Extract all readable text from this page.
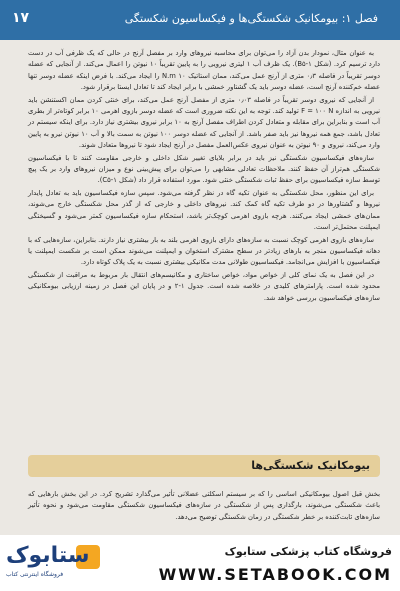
فصل ۱: بیومکانیک شکستگی‌ها و فیکساسیون شکستگی
۱۷

به عنوان مثال، نمودار بدن آزاد را می‌توان برای محاسبه نیروهای وارد بر مفصل آرنج در حالی که یک ظرفی آب در دست دارد ترسیم کرد. (شکل ۱-B۵). یک ظرف آب ۱ لیتری نیرویی را به پایین تقریباً ۱۰ نیوتن را اعمال می‌کند. از آنجایی که عضله دوسر تقریباً در فاصله ۰٫۳ متری از آرنج عمل می‌کند، ممان استاتیک N.m ۱۰ را ایجاد می‌کند. با فرض اینکه عضله دوسر تنها عضله خم‌کننده آرنج است، عضله دوسر باید یک گشتاور خمشی با برابر ایجاد کند تا تعادل ایستا برقرار شود.

از آنجایی که نیروی دوسر تقریباً در فاصله ۰٫۰۳ متری از مفصل آرنج عمل می‌کند، برای خنثی کردن ممان اکستنشن باید نیرویی به اندازه F = ۱۰۰ N تولید کند. توجه به این نکته ضروری است که عضله دوسر بازوی اهرمی ۱۰ برابر کوتاه‌تر از بطری آب است و بنابراین برای مقابله و متعادل کردن اطراف مفصل آرنج به ۱۰ برابر نیروی بیشتری نیاز دارد. برای اینکه سیستم در تعادل باشد، جمع همه نیروها نیز باید صفر باشد. از آنجایی که عضله دوسر ۱۰۰ نیوتن به سمت بالا و آب ۱۰ نیوتن نیرو به پایین وارد می‌کند، نیروی و ۹۰ نیوتن به عنوان نیروی عکس‌العمل مفصل در آرنج ایجاد شود تا نیروها متعادل شوند.

سازه‌های فیکساسیون شکستگی نیز باید در برابر بلایای تغییر شکل داخلی و خارجی مقاومت کنند تا با فیکساسیون شکستگی هم‌تراز آن حفظ کنند. ملاحظات تعادلی مشابهی را می‌توان برای پیش‌بینی نوع و میزان نیروهای وارد بر یک پیچ توسط سازه فیکساسیون برای حفظ ثبات شکستگی خنثی شود. مورد استفاده قرار داد (شکل ۱-C۵).

برای این منظور، محل شکستگی به عنوان تکیه گاه در نظر گرفته می‌شود. سپس سازه فیکساسیون باید به تعادل پایدار نیروها و گشتاورها در دو طرف تکیه گاه کمک کند. نیروهای داخلی و خارجی که از گذر محل شکستگی خارج می‌شوند، ممان‌های خمشی ایجاد می‌کنند. هرچه بازوی اهرمی کوچک‌تر باشد، استحکام سازه فیکساسیون کمتر می‌شود و گسیختگی ایمپلنت محتمل‌تر است.

سازه‌های بازوی اهرمی کوچک نسبت به سازه‌های دارای بازوی اهرمی بلند به بار بیشتری نیاز دارند. بنابراین، سازه‌هایی که با دهانه فیکساسیون منجر به بارهای زیادتر در سطح مشترک استخوان و ایمپلنت می‌شوند ممکن است بر شکست ایمپلنت یا فیکساسیون با افزایش می‌انجامد. فیکساسیون طولانی مدت مکانیکی بیشتری نسبت به یک پلاک کوتاه دارد.

در این فصل به یک نمای کلی از خواص مواد، خواص ساختاری و مکانیسم‌های انتقال بار مربوط به مراقبت از شکستگی محدود شده است. پارامترهای کلیدی در خلاصه شده است. جدول ۱-۲ و در پایان این فصل در زمینه ارزیابی بیومکانیکی سازه‌های فیکساسیون بررسی خواهد شد.

بیومکانیک شکستگی‌ها

بخش قبل اصول بیومکانیکی اساسی را که بر سیستم اسکلتی عضلانی تأثیر می‌گذارد تشریح کرد. در این بخش بارهایی که باعث شکستگی می‌شوند، بارگذاری پس از شکستگی در سازه‌های فیکساسیون شکستگی مقاومت می‌شود و نحوه تأثیر سازه‌های ثابت‌کننده بر خطر شکستگی در زمان شکستگی توضیح می‌دهد.

ستابوک
فروشگاه اینترنتی کتاب
فروشگاه کتاب پزشکی ستابوک
WWW.SETABOOK.COM
